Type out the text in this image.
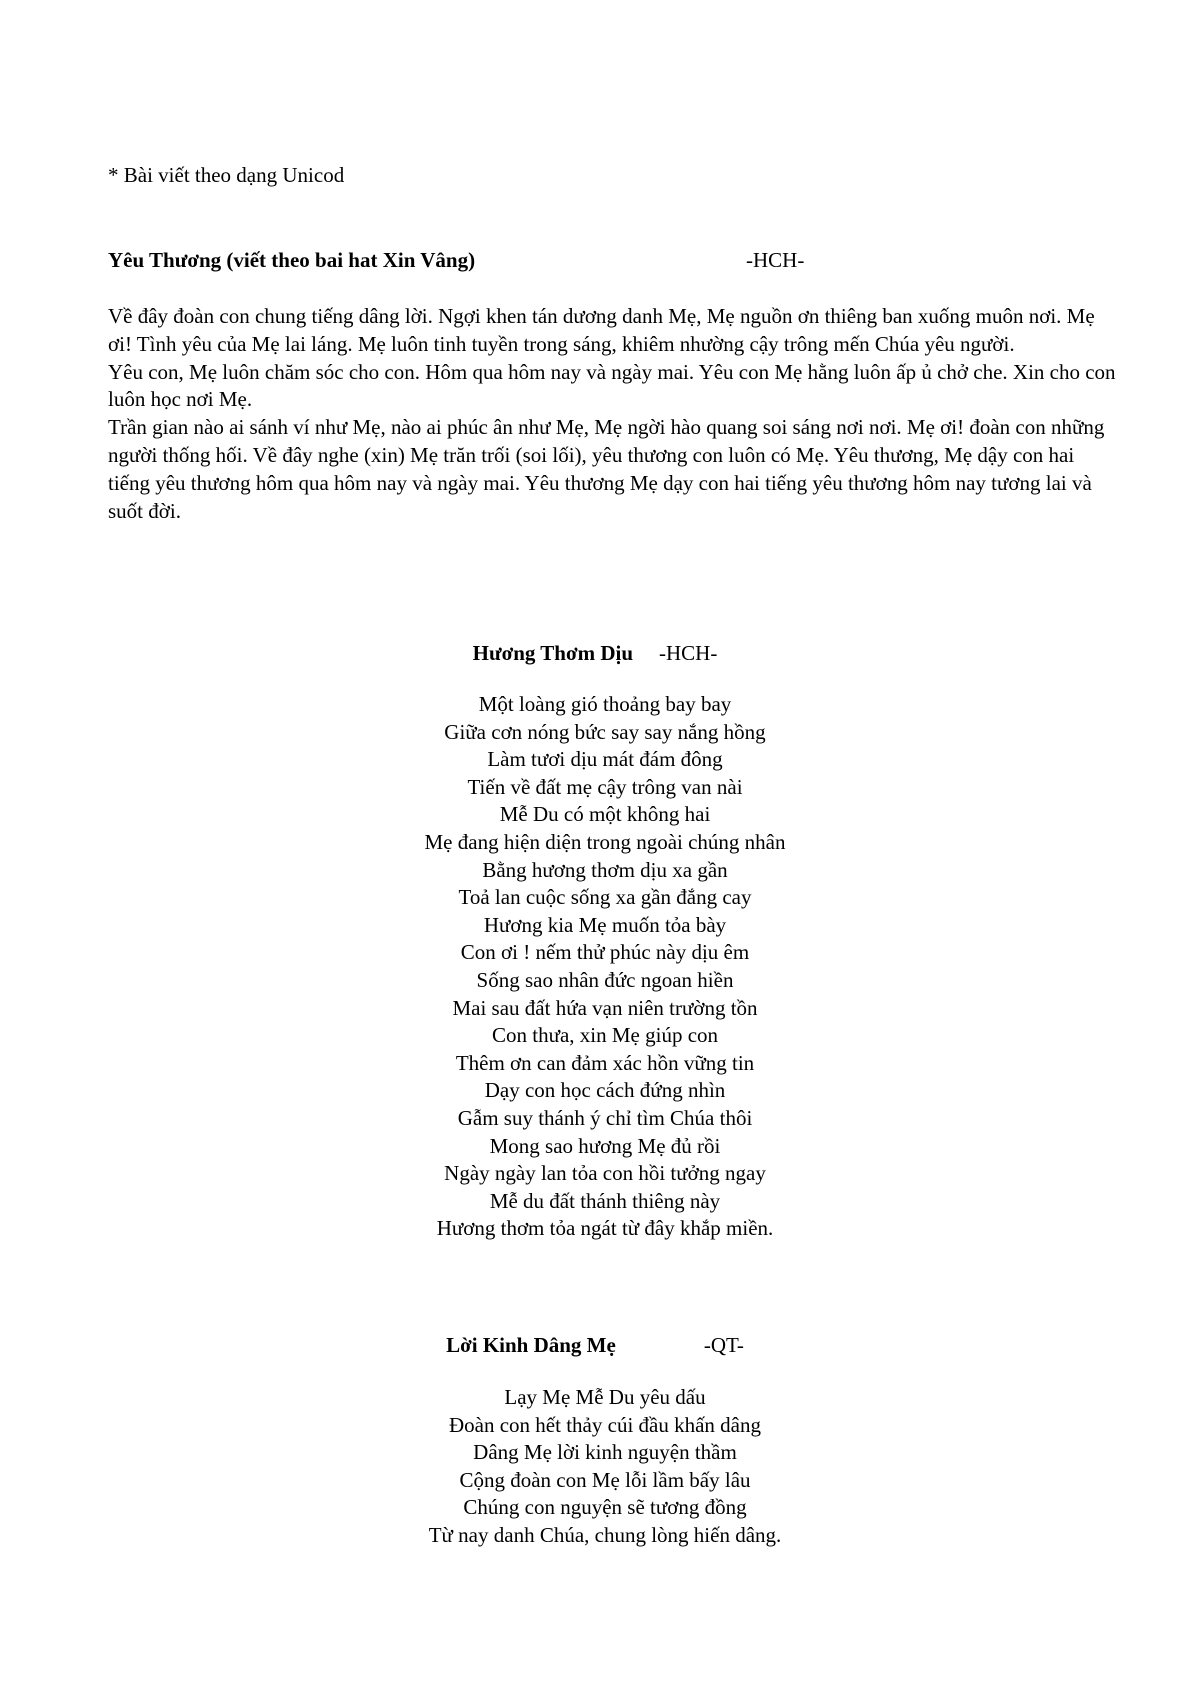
* Bài viết theo dạng Unicod
Yêu Thương (viết theo bai hat Xin Vâng)	-HCH-

Về đây đoàn con chung tiếng dâng lời. Ngợi khen tán dương danh Mẹ, Mẹ nguồn ơn thiêng ban xuống muôn nơi. Mẹ ơi! Tình yêu của Mẹ lai láng. Mẹ luôn tinh tuyền trong sáng, khiêm nhường cậy trông mến Chúa yêu người.

Yêu con, Mẹ luôn chăm sóc cho con. Hôm qua hôm nay và ngày mai. Yêu con Mẹ hằng luôn ấp ủ chở che. Xin cho con luôn học nơi Mẹ.

Trần gian nào ai sánh ví như Mẹ, nào ai phúc ân như Mẹ, Mẹ ngời hào quang soi sáng nơi nơi. Mẹ ơi! đoàn con những người thống hối. Về đây nghe (xin) Mẹ trăn trối (soi lối), yêu thương con luôn có Mẹ. Yêu thương, Mẹ dậy con hai tiếng yêu thương hôm qua hôm nay và ngày mai. Yêu thương Mẹ dạy con hai tiếng yêu thương hôm nay tương lai và suốt đời.

Hương Thơm Dịu -HCH-
Một loàng gió thoảng bay bay
Giữa cơn nóng bức say say nắng hồng
Làm tươi dịu mát đám đông
Tiến về đất mẹ cậy trông van nài
Mễ Du có một không hai
Mẹ đang hiện diện trong ngoài chúng nhân
Bằng hương thơm dịu xa gần
Toả lan cuộc sống xa gần đắng cay
Hương kia Mẹ muốn tỏa bày
Con ơi ! nếm thử phúc này dịu êm
Sống sao nhân đức ngoan hiền
Mai sau đất hứa vạn niên trường tồn
Con thưa, xin Mẹ giúp con
Thêm ơn can đảm xác hồn vững tin
Dạy con học cách đứng nhìn
Gẫm suy thánh ý chỉ tìm Chúa thôi
Mong sao hương Mẹ đủ rồi
Ngày ngày lan tỏa con hồi tưởng ngay
Mễ du đất thánh thiêng này
Hương thơm tỏa ngát từ đây khắp miền.
Lời Kinh Dâng Mẹ	-QT-
Lạy Mẹ Mễ Du yêu dấu
Đoàn con hết thảy cúi đầu khấn dâng
Dâng Mẹ lời kinh nguyện thầm
Cộng đoàn con Mẹ lỗi lầm bấy lâu
Chúng con nguyện sẽ tương đồng
Từ nay danh Chúa, chung lòng hiến dâng.
